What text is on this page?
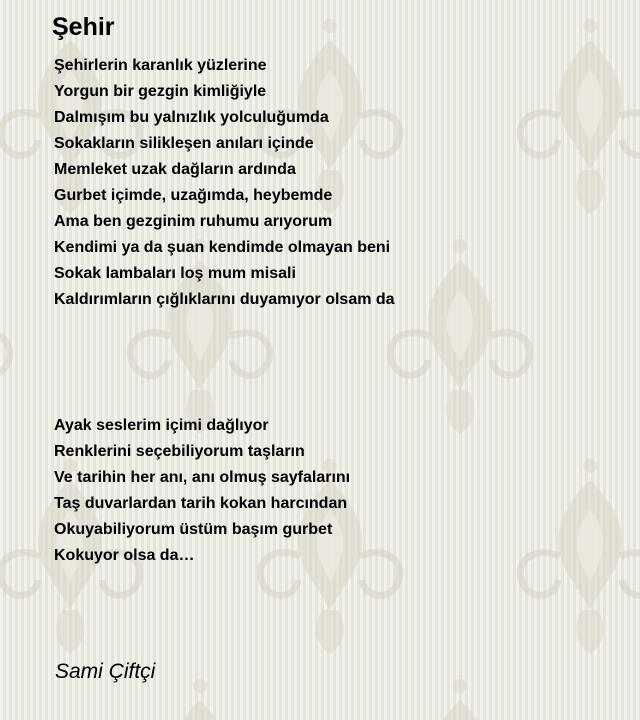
Şehir
Şehirlerin karanlık yüzlerine
Yorgun bir gezgin kimliğiyle
Dalmışım bu yalnızlık yolculuğumda
Sokakların silikleşen anıları içinde
Memleket uzak dağların ardında
Gurbet içimde, uzağımda, heybemde
Ama ben gezginim ruhumu arıyorum
Kendimi ya da şuan kendimde olmayan beni
Sokak lambaları loş mum misali
Kaldırımların çığlıklarını duyamıyor olsam da
Ayak seslerim içimi dağlıyor
Renklerini seçebiliyorum taşların
Ve tarihin her anı, anı olmuş sayfalarını
Taş duvarlardan tarih kokan harcından
Okuyabiliyorum üstüm başım gurbet
Kokuyor olsa da…
Sami Çiftçi
